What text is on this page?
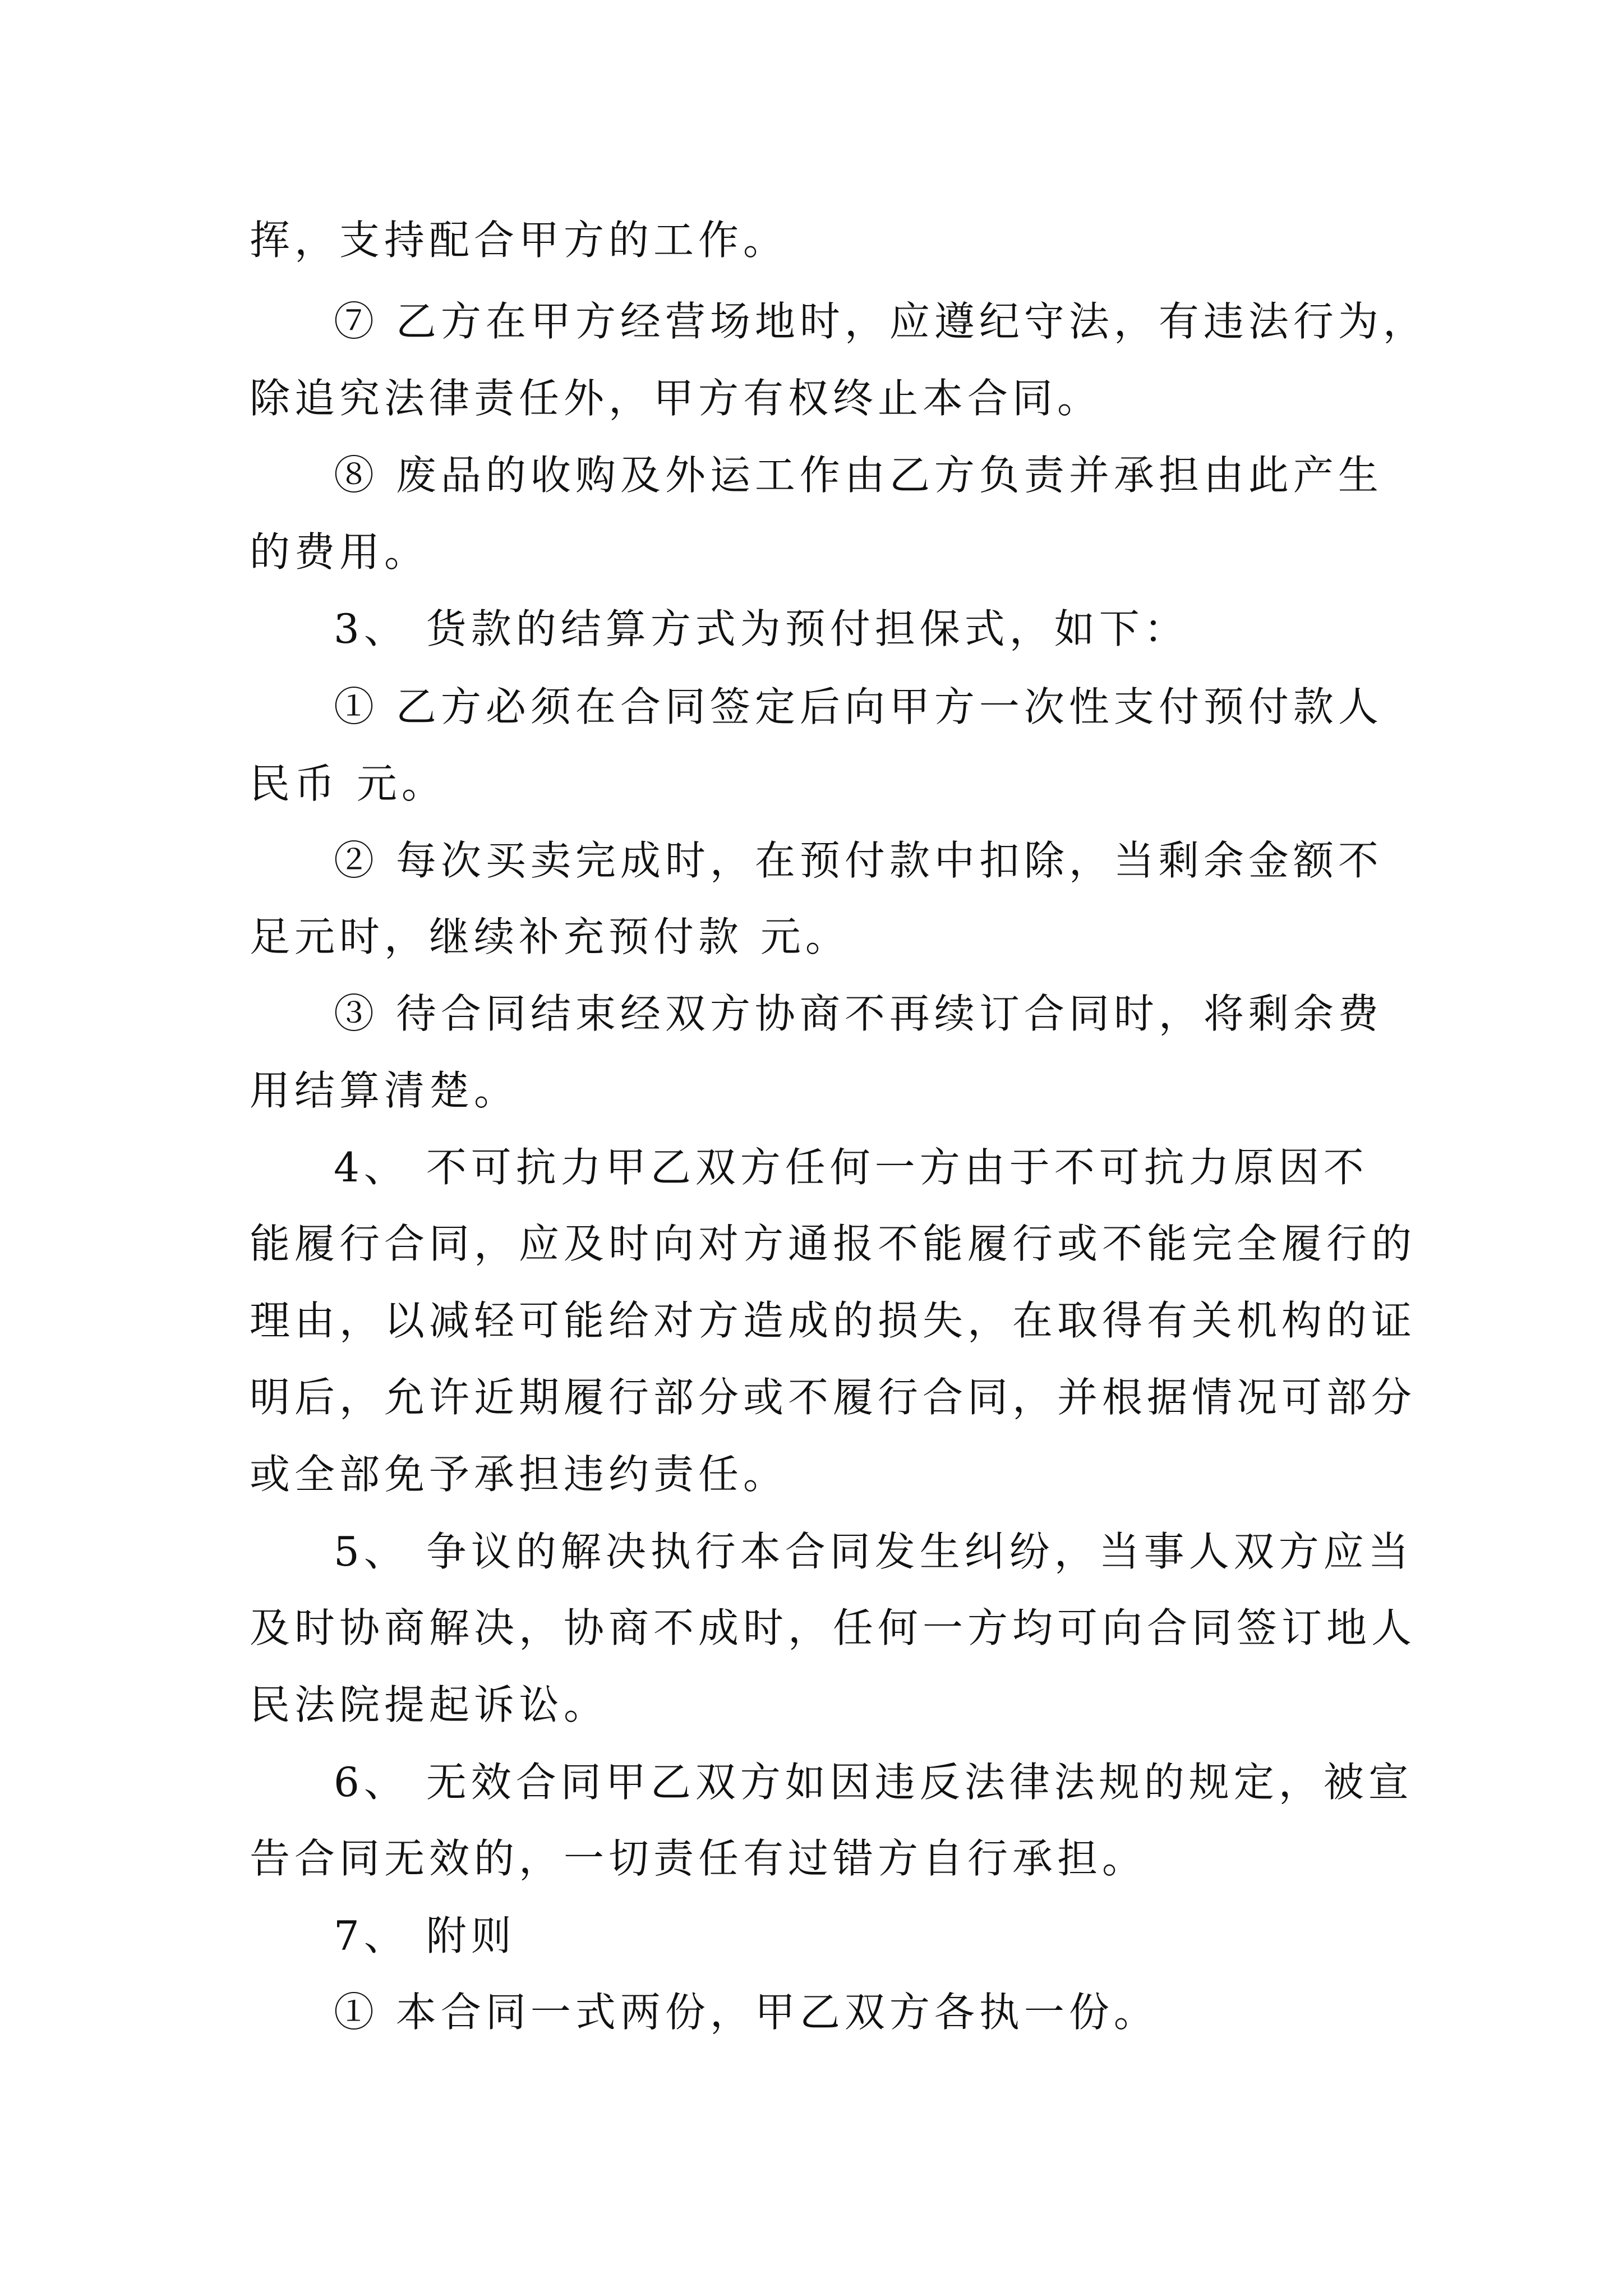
挥，支持配合甲方的工作。
⑦ 乙方在甲方经营场地时，应遵纪守法，有违法行为，
除追究法律责任外，甲方有权终止本合同。
⑧ 废品的收购及外运工作由乙方负责并承担由此产生
的费用。
3、 货款的结算方式为预付担保式，如下：
① 乙方必须在合同签定后向甲方一次性支付预付款人
民币 元。
② 每次买卖完成时，在预付款中扣除，当剩余金额不
足元时，继续补充预付款 元。
③ 待合同结束经双方协商不再续订合同时，将剩余费
用结算清楚。
4、 不可抗力甲乙双方任何一方由于不可抗力原因不
能履行合同，应及时向对方通报不能履行或不能完全履行的
理由，以减轻可能给对方造成的损失，在取得有关机构的证
明后，允许近期履行部分或不履行合同，并根据情况可部分
或全部免予承担违约责任。
5、 争议的解决执行本合同发生纠纷，当事人双方应当
及时协商解决，协商不成时，任何一方均可向合同签订地人
民法院提起诉讼。
6、 无效合同甲乙双方如因违反法律法规的规定，被宣
告合同无效的，一切责任有过错方自行承担。
7、 附则
① 本合同一式两份，甲乙双方各执一份。
